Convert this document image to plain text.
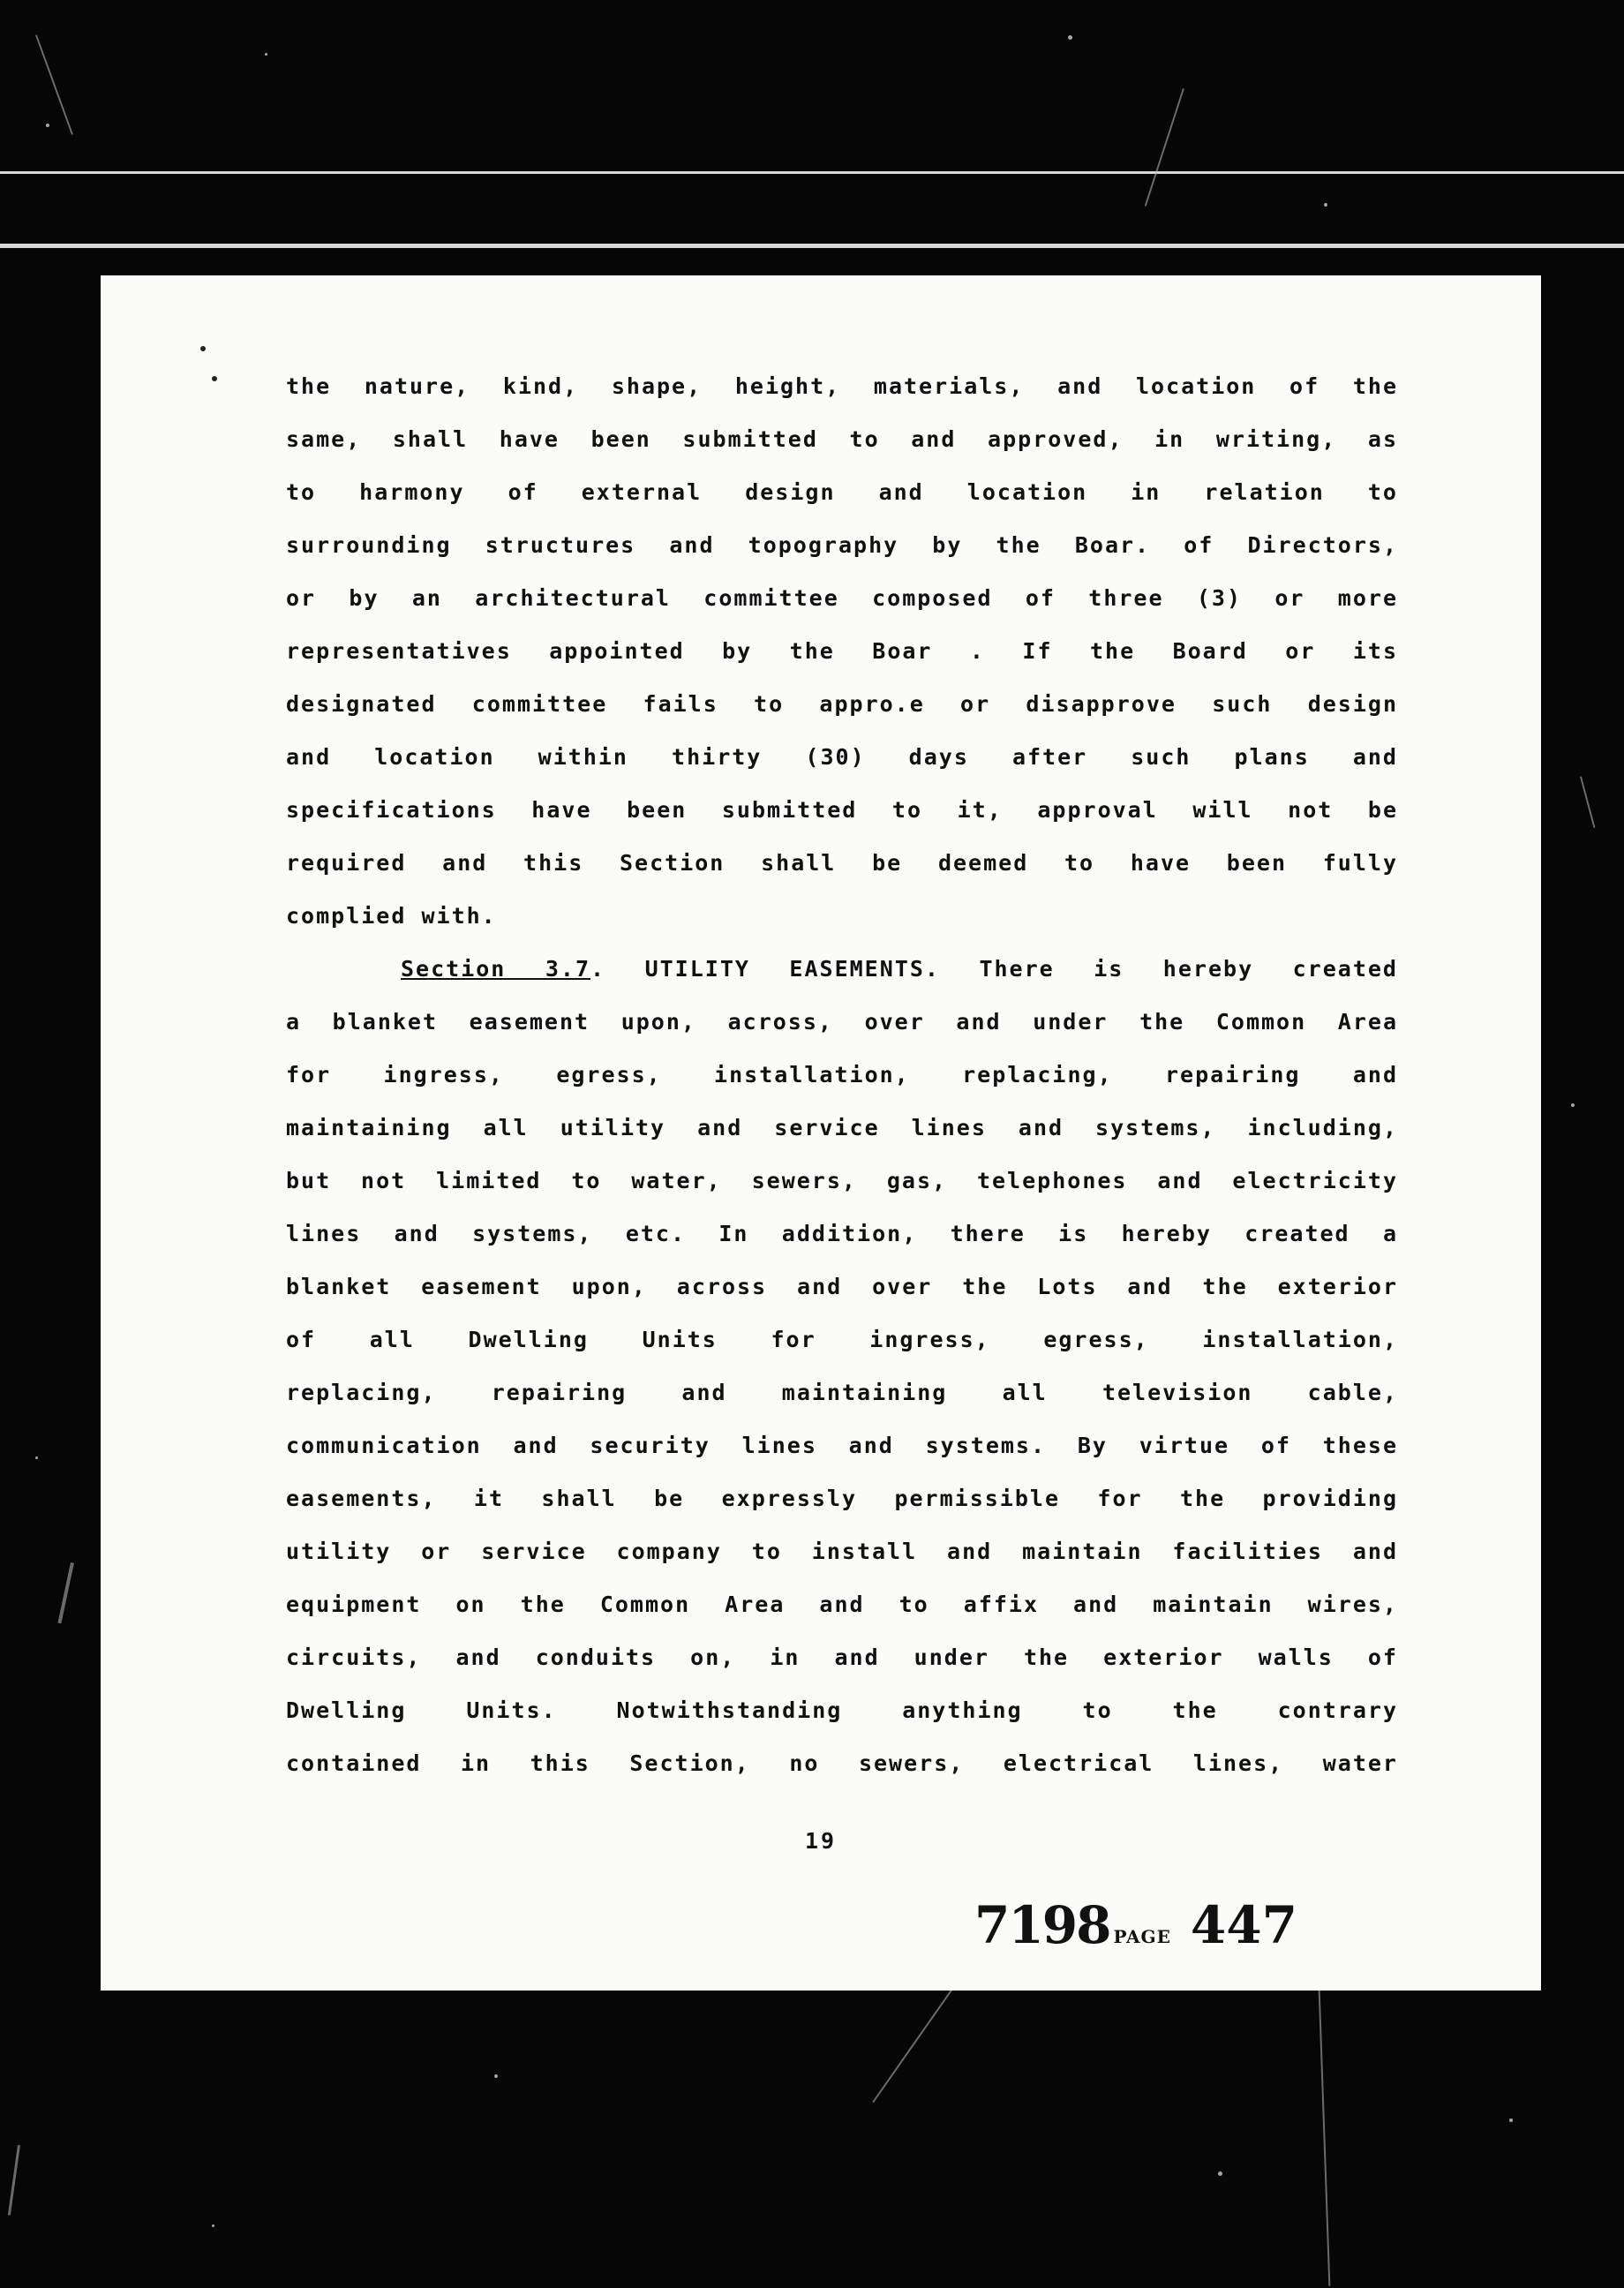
the nature, kind, shape, height, materials, and location of the
same, shall have been submitted to and approved, in writing, as
to harmony of external design and location in relation to
surrounding structures and topography by the Boar. of Directors,
or by an architectural committee composed of three (3) or more
representatives appointed by the Boar . If the Board or its
designated committee fails to appro.e or disapprove such design
and location within thirty (30) days after such plans and
specifications have been submitted to it, approval will not be
required and this Section shall be deemed to have been fully
complied with.
Section 3.7. UTILITY EASEMENTS. There is hereby created
a blanket easement upon, across, over and under the Common Area
for ingress, egress, installation, replacing, repairing and
maintaining all utility and service lines and systems, including,
but not limited to water, sewers, gas, telephones and electricity
lines and systems, etc. In addition, there is hereby created a
blanket easement upon, across and over the Lots and the exterior
of all Dwelling Units for ingress, egress, installation,
replacing, repairing and maintaining all television cable,
communication and security lines and systems. By virtue of these
easements, it shall be expressly permissible for the providing
utility or service company to install and maintain facilities and
equipment on the Common Area and to affix and maintain wires,
circuits, and conduits on, in and under the exterior walls of
Dwelling Units. Notwithstanding anything to the contrary
contained in this Section, no sewers, electrical lines, water
19
7198 PAGE 447
